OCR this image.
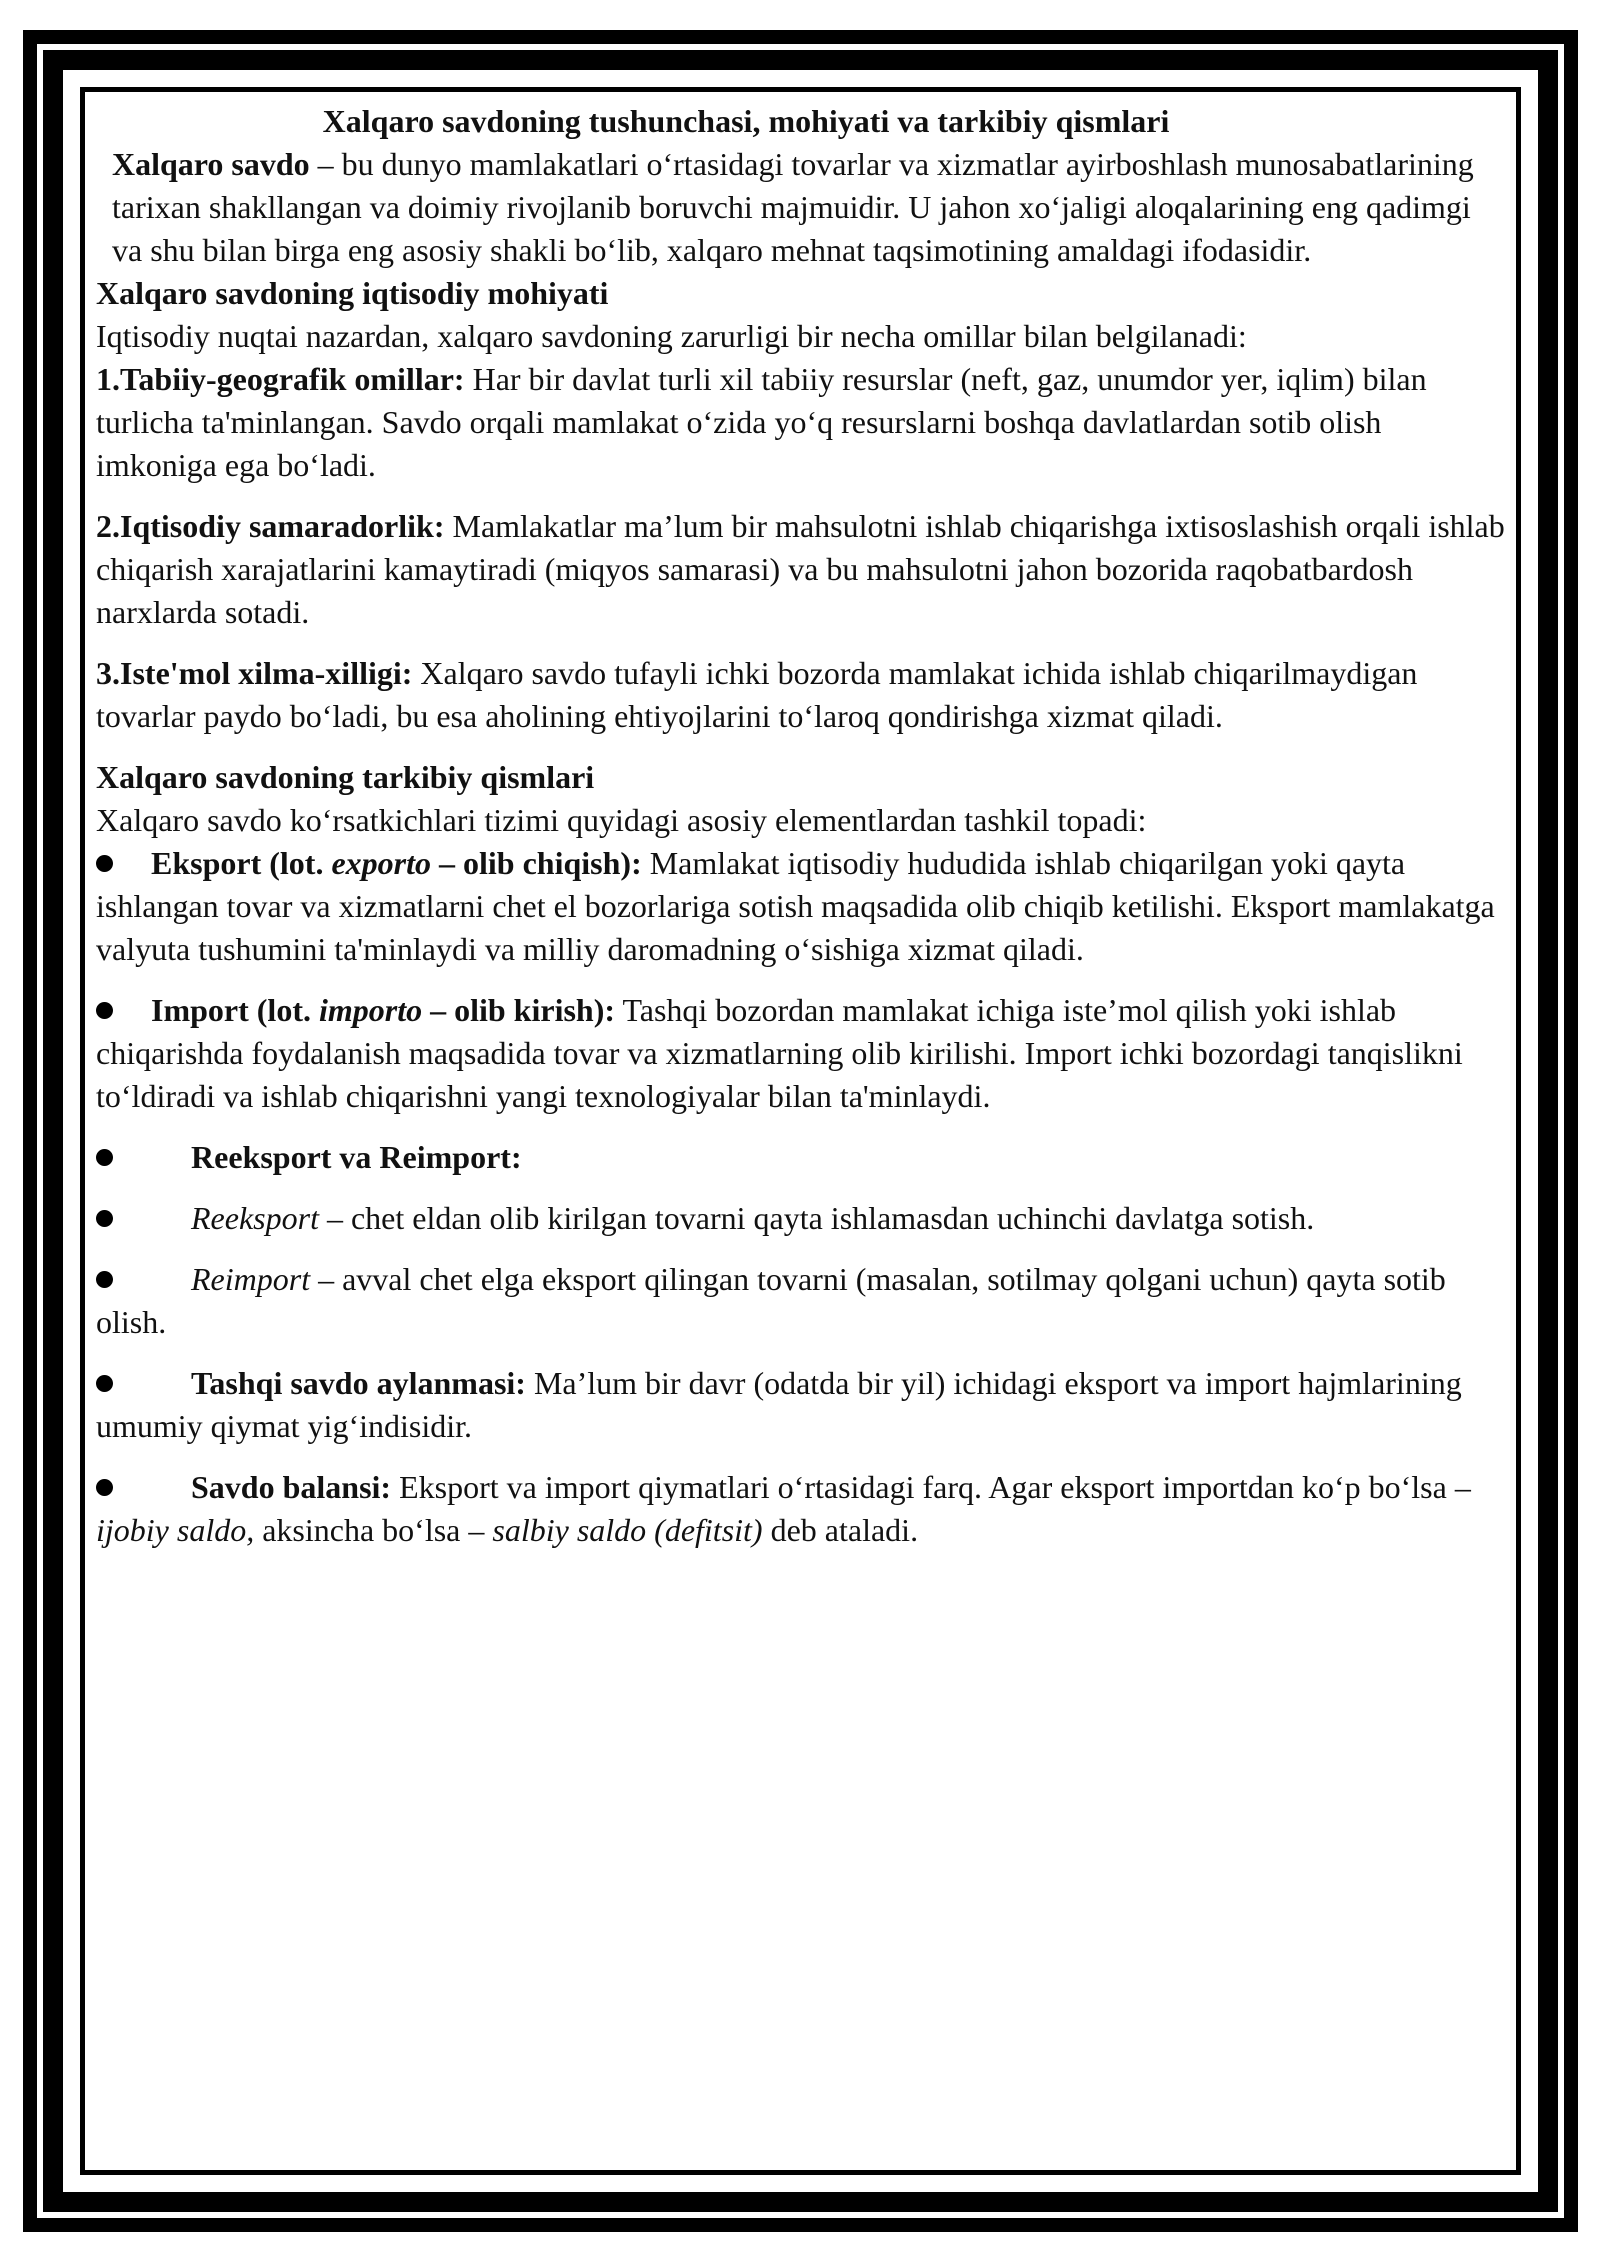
Xalqaro savdoning tushunchasi, mohiyati va tarkibiy qismlari

Xalqaro savdo – bu dunyo mamlakatlari o‘rtasidagi tovarlar va xizmatlar ayirboshlash munosabatlarining tarixan shakllangan va doimiy rivojlanib boruvchi majmuidir. U jahon xo‘jaligi aloqalarining eng qadimgi va shu bilan birga eng asosiy shakli bo‘lib, xalqaro mehnat taqsimotining amaldagi ifodasidir.

Xalqaro savdoning iqtisodiy mohiyati

Iqtisodiy nuqtai nazardan, xalqaro savdoning zarurligi bir necha omillar bilan belgilanadi:

1.Tabiiy-geografik omillar: Har bir davlat turli xil tabiiy resurslar (neft, gaz, unumdor yer, iqlim) bilan turlicha ta'minlangan. Savdo orqali mamlakat o‘zida yo‘q resurslarni boshqa davlatlardan sotib olish imkoniga ega bo‘ladi.

2.Iqtisodiy samaradorlik: Mamlakatlar ma’lum bir mahsulotni ishlab chiqarishga ixtisoslashish orqali ishlab chiqarish xarajatlarini kamaytiradi (miqyos samarasi) va bu mahsulotni jahon bozorida raqobatbardosh narxlarda sotadi.

3.Iste'mol xilma-xilligi: Xalqaro savdo tufayli ichki bozorda mamlakat ichida ishlab chiqarilmaydigan tovarlar paydo bo‘ladi, bu esa aholining ehtiyojlarini to‘laroq qondirishga xizmat qiladi.

Xalqaro savdoning tarkibiy qismlari

Xalqaro savdo ko‘rsatkichlari tizimi quyidagi asosiy elementlardan tashkil topadi:

Eksport (lot. exporto – olib chiqish): Mamlakat iqtisodiy hududida ishlab chiqarilgan yoki qayta ishlangan tovar va xizmatlarni chet el bozorlariga sotish maqsadida olib chiqib ketilishi. Eksport mamlakatga valyuta tushumini ta'minlaydi va milliy daromadning o‘sishiga xizmat qiladi.

Import (lot. importo – olib kirish): Tashqi bozordan mamlakat ichiga iste’mol qilish yoki ishlab chiqarishda foydalanish maqsadida tovar va xizmatlarning olib kirilishi. Import ichki bozordagi tanqislikni to‘ldiradi va ishlab chiqarishni yangi texnologiyalar bilan ta'minlaydi.

Reeksport va Reimport:

Reeksport – chet eldan olib kirilgan tovarni qayta ishlamasdan uchinchi davlatga sotish.

Reimport – avval chet elga eksport qilingan tovarni (masalan, sotilmay qolgani uchun) qayta sotib olish.

Tashqi savdo aylanmasi: Ma’lum bir davr (odatda bir yil) ichidagi eksport va import hajmlarining umumiy qiymat yig‘indisidir.

Savdo balansi: Eksport va import qiymatlari o‘rtasidagi farq. Agar eksport importdan ko‘p bo‘lsa – ijobiy saldo, aksincha bo‘lsa – salbiy saldo (defitsit) deb ataladi.
